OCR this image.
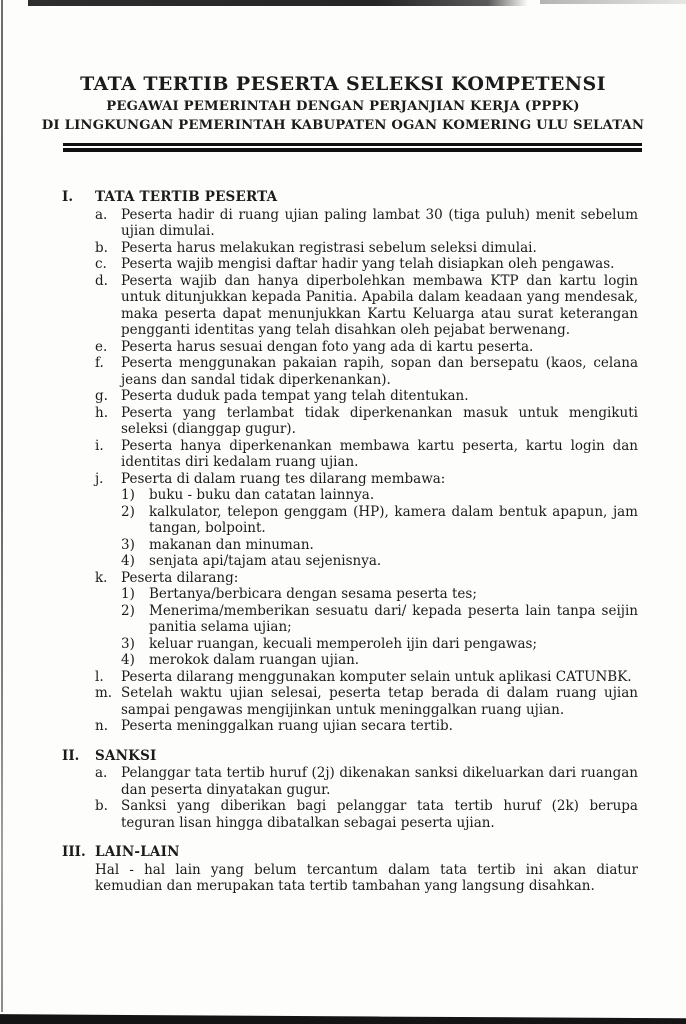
TATA TERTIB PESERTA SELEKSI KOMPETENSI
PEGAWAI PEMERINTAH DENGAN PERJANJIAN KERJA (PPPK)
DI LINGKUNGAN PEMERINTAH KABUPATEN OGAN KOMERING ULU SELATAN
I.	TATA TERTIB PESERTA
a.	Peserta hadir di ruang ujian paling lambat 30 (tiga puluh) menit sebelum ujian dimulai.
b. Peserta harus melakukan registrasi sebelum seleksi dimulai.
c.	Peserta wajib mengisi daftar hadir yang telah disiapkan oleh pengawas.
d. Peserta wajib dan hanya diperbolehkan membawa KTP dan kartu login untuk ditunjukkan kepada Panitia. Apabila dalam keadaan yang mendesak, maka peserta dapat menunjukkan Kartu Keluarga atau surat keterangan pengganti identitas yang telah disahkan oleh pejabat berwenang.
e.	Peserta harus sesuai dengan foto yang ada di kartu peserta.
f.	Peserta menggunakan pakaian rapih, sopan dan bersepatu (kaos, celana jeans dan sandal tidak diperkenankan).
g. Peserta duduk pada tempat yang telah ditentukan.
h. Peserta yang terlambat tidak diperkenankan masuk untuk mengikuti seleksi (dianggap gugur).
i.	Peserta hanya diperkenankan membawa kartu peserta, kartu login dan identitas diri kedalam ruang ujian.
j.	Peserta di dalam ruang tes dilarang membawa:
1)	buku - buku dan catatan lainnya.
2)	kalkulator, telepon genggam (HP), kamera dalam bentuk apapun, jam tangan, bolpoint.
3)	makanan dan minuman.
4)	senjata api/tajam atau sejenisnya.
k.	Peserta dilarang:
1)	Bertanya/berbicara dengan sesama peserta tes;
2)	Menerima/memberikan sesuatu dari/ kepada peserta lain tanpa seijin panitia selama ujian;
3)	keluar ruangan, kecuali memperoleh ijin dari pengawas;
4)	merokok dalam ruangan ujian.
l.	Peserta dilarang menggunakan komputer selain untuk aplikasi CATUNBK.
m. Setelah waktu ujian selesai, peserta tetap berada di dalam ruang ujian sampai pengawas mengijinkan untuk meninggalkan ruang ujian.
n. Peserta meninggalkan ruang ujian secara tertib.
II.	SANKSI
a.	Pelanggar tata tertib huruf (2j) dikenakan sanksi dikeluarkan dari ruangan dan peserta dinyatakan gugur.
b. Sanksi yang diberikan bagi pelanggar tata tertib huruf (2k) berupa teguran lisan hingga dibatalkan sebagai peserta ujian.
III. LAIN-LAIN
Hal - hal lain yang belum tercantum dalam tata tertib ini akan diatur kemudian dan merupakan tata tertib tambahan yang langsung disahkan.
